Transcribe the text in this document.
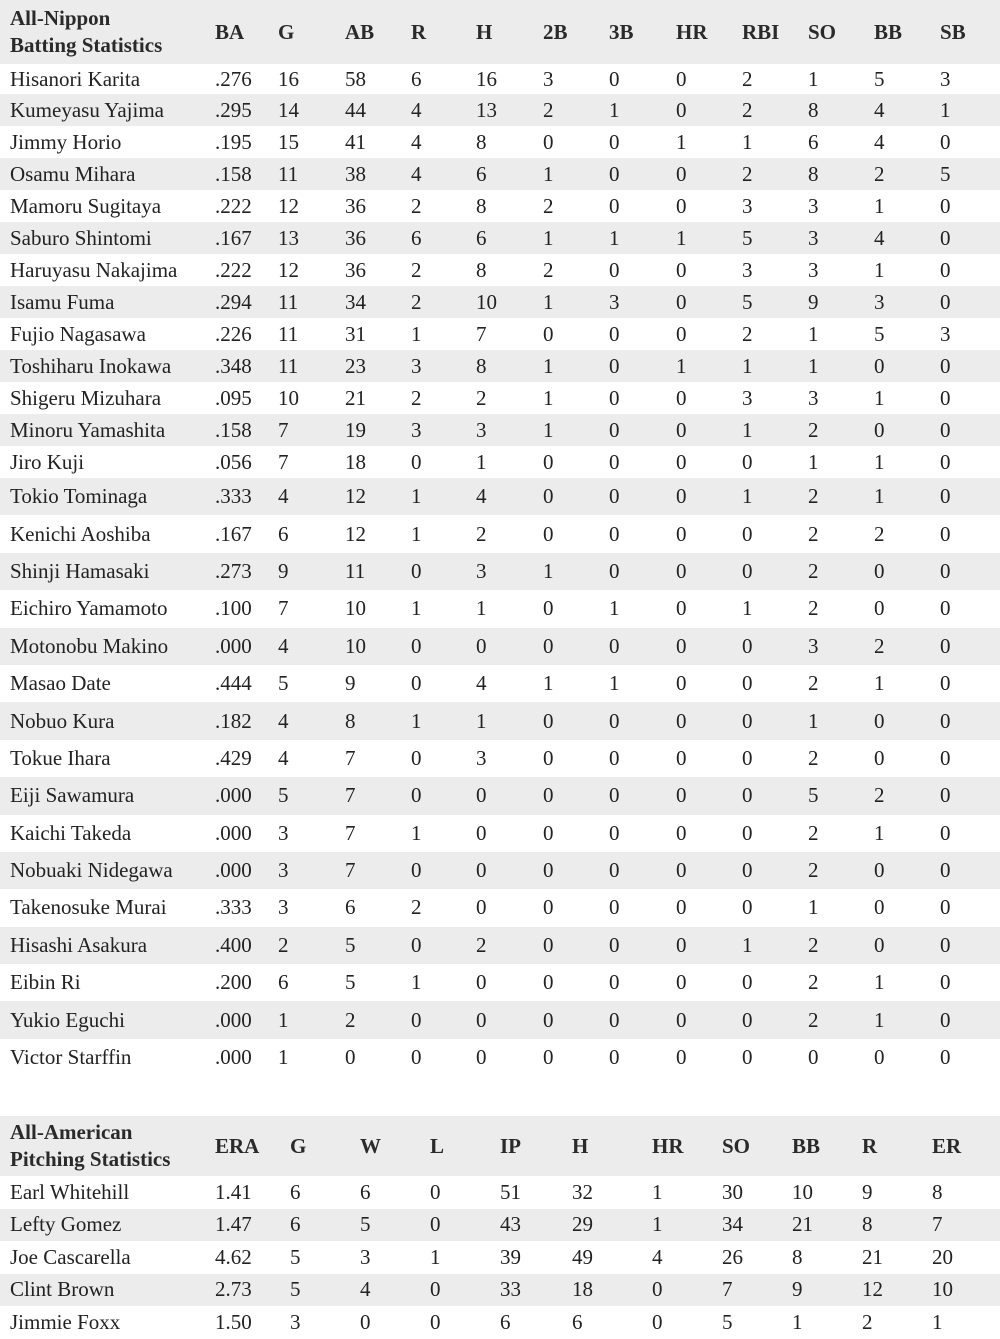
All-Nippon
Batting Statistics	BA	G	AB	R	H	2B	3B	HR	RBI	SO	BB	SB
Hisanori Karita	.276	16	58	6	16	3	0	0	2	1	5	3
Kumeyasu Yajima	.295	14	44	4	13	2	1	0	2	8	4	1
Jimmy Horio	.195	15	41	4	8	0	0	1	1	6	4	0
Osamu Mihara	.158	11	38	4	6	1	0	0	2	8	2	5
Mamoru Sugitaya	.222	12	36	2	8	2	0	0	3	3	1	0
Saburo Shintomi	.167	13	36	6	6	1	1	1	5	3	4	0
Haruyasu Nakajima	.222	12	36	2	8	2	0	0	3	3	1	0
Isamu Fuma	.294	11	34	2	10	1	3	0	5	9	3	0
Fujio Nagasawa	.226	11	31	1	7	0	0	0	2	1	5	3
Toshiharu Inokawa	.348	11	23	3	8	1	0	1	1	1	0	0
Shigeru Mizuhara	.095	10	21	2	2	1	0	0	3	3	1	0
Minoru Yamashita	.158	7	19	3	3	1	0	0	1	2	0	0
Jiro Kuji	.056	7	18	0	1	0	0	0	0	1	1	0
Tokio Tominaga	.333	4	12	1	4	0	0	0	1	2	1	0
Kenichi Aoshiba	.167	6	12	1	2	0	0	0	0	2	2	0
Shinji Hamasaki	.273	9	11	0	3	1	0	0	0	2	0	0
Eichiro Yamamoto	.100	7	10	1	1	0	1	0	1	2	0	0
Motonobu Makino	.000	4	10	0	0	0	0	0	0	3	2	0
Masao Date	.444	5	9	0	4	1	1	0	0	2	1	0
Nobuo Kura	.182	4	8	1	1	0	0	0	0	1	0	0
Tokue Ihara	.429	4	7	0	3	0	0	0	0	2	0	0
Eiji Sawamura	.000	5	7	0	0	0	0	0	0	5	2	0
Kaichi Takeda	.000	3	7	1	0	0	0	0	0	2	1	0
Nobuaki Nidegawa	.000	3	7	0	0	0	0	0	0	2	0	0
Takenosuke Murai	.333	3	6	2	0	0	0	0	0	1	0	0
Hisashi Asakura	.400	2	5	0	2	0	0	0	1	2	0	0
Eibin Ri	.200	6	5	1	0	0	0	0	0	2	1	0
Yukio Eguchi	.000	1	2	0	0	0	0	0	0	2	1	0
Victor Starffin	.000	1	0	0	0	0	0	0	0	0	0	0
All-American
Pitching Statistics	ERA	G	W	L	IP	H	HR	SO	BB	R	ER
Earl Whitehill	1.41	6	6	0	51	32	1	30	10	9	8
Lefty Gomez	1.47	6	5	0	43	29	1	34	21	8	7
Joe Cascarella	4.62	5	3	1	39	49	4	26	8	21	20
Clint Brown	2.73	5	4	0	33	18	0	7	9	12	10
Jimmie Foxx	1.50	3	0	0	6	6	0	5	1	2	1
